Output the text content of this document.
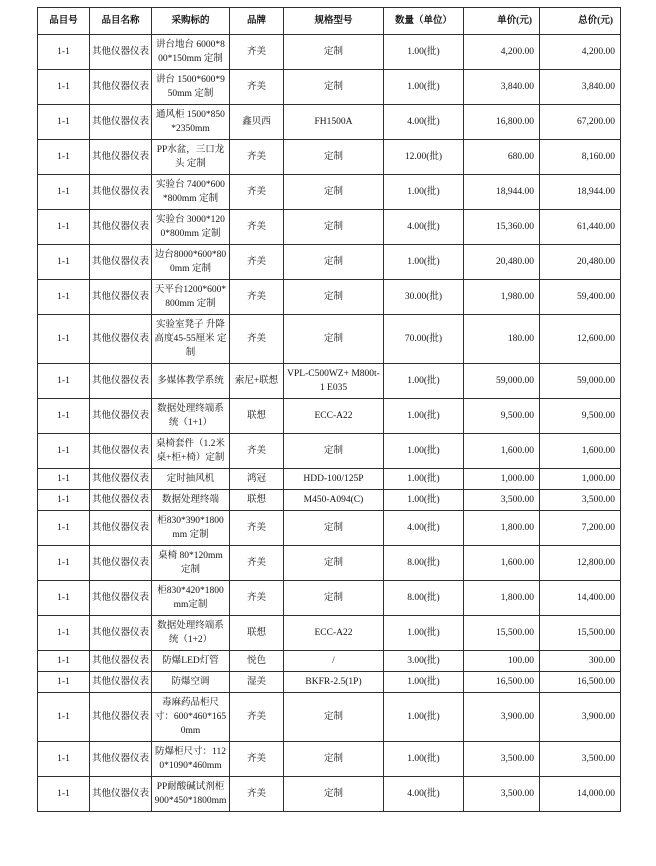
品目号	品目名称	采购标的	品牌	规格型号	数量（单位）	单价(元)	总价(元)
1-1	其他仪器仪表	讲台地台 6000*800*150mm 定制	齐美	定制	1.00(批)	4,200.00	4,200.00
1-1	其他仪器仪表	讲台 1500*600*950mm 定制	齐美	定制	1.00(批)	3,840.00	3,840.00
1-1	其他仪器仪表	通风柜 1500*850*2350mm	鑫贝西	FH1500A	4.00(批)	16,800.00	67,200.00
1-1	其他仪器仪表	PP水盆，三口龙头 定制	齐美	定制	12.00(批)	680.00	8,160.00
1-1	其他仪器仪表	实验台 7400*600*800mm 定制	齐美	定制	1.00(批)	18,944.00	18,944.00
1-1	其他仪器仪表	实验台 3000*1200*800mm 定制	齐美	定制	4.00(批)	15,360.00	61,440.00
1-1	其他仪器仪表	边台8000*600*800mm 定制	齐美	定制	1.00(批)	20,480.00	20,480.00
1-1	其他仪器仪表	天平台1200*600*800mm 定制	齐美	定制	30.00(批)	1,980.00	59,400.00
1-1	其他仪器仪表	实验室凳子 升降高度45-55厘米 定制	齐美	定制	70.00(批)	180.00	12,600.00
1-1	其他仪器仪表	多媒体教学系统	索尼+联想	VPL-C500WZ+ M800t-1 E035	1.00(批)	59,000.00	59,000.00
1-1	其他仪器仪表	数据处理终端系统（1+1）	联想	ECC-A22	1.00(批)	9,500.00	9,500.00
1-1	其他仪器仪表	桌椅套件（1.2米桌+柜+椅）定制	齐美	定制	1.00(批)	1,600.00	1,600.00
1-1	其他仪器仪表	定时抽风机	鸿冠	HDD-100/125P	1.00(批)	1,000.00	1,000.00
1-1	其他仪器仪表	数据处理终端	联想	M450-A094(C)	1.00(批)	3,500.00	3,500.00
1-1	其他仪器仪表	柜830*390*1800mm 定制	齐美	定制	4.00(批)	1,800.00	7,200.00
1-1	其他仪器仪表	桌椅 80*120mm 定制	齐美	定制	8.00(批)	1,600.00	12,800.00
1-1	其他仪器仪表	柜830*420*1800mm定制	齐美	定制	8.00(批)	1,800.00	14,400.00
1-1	其他仪器仪表	数据处理终端系统（1+2）	联想	ECC-A22	1.00(批)	15,500.00	15,500.00
1-1	其他仪器仪表	防爆LED灯管	悦色	/	3.00(批)	100.00	300.00
1-1	其他仪器仪表	防爆空调	湿美	BKFR-2.5(1P)	1.00(批)	16,500.00	16,500.00
1-1	其他仪器仪表	毒麻药品柜尺寸：600*460*1650mm	齐美	定制	1.00(批)	3,900.00	3,900.00
1-1	其他仪器仪表	防爆柜尺寸：1120*1090*460mm	齐美	定制	1.00(批)	3,500.00	3,500.00
1-1	其他仪器仪表	PP耐酸碱试剂柜 900*450*1800mm	齐美	定制	4.00(批)	3,500.00	14,000.00
